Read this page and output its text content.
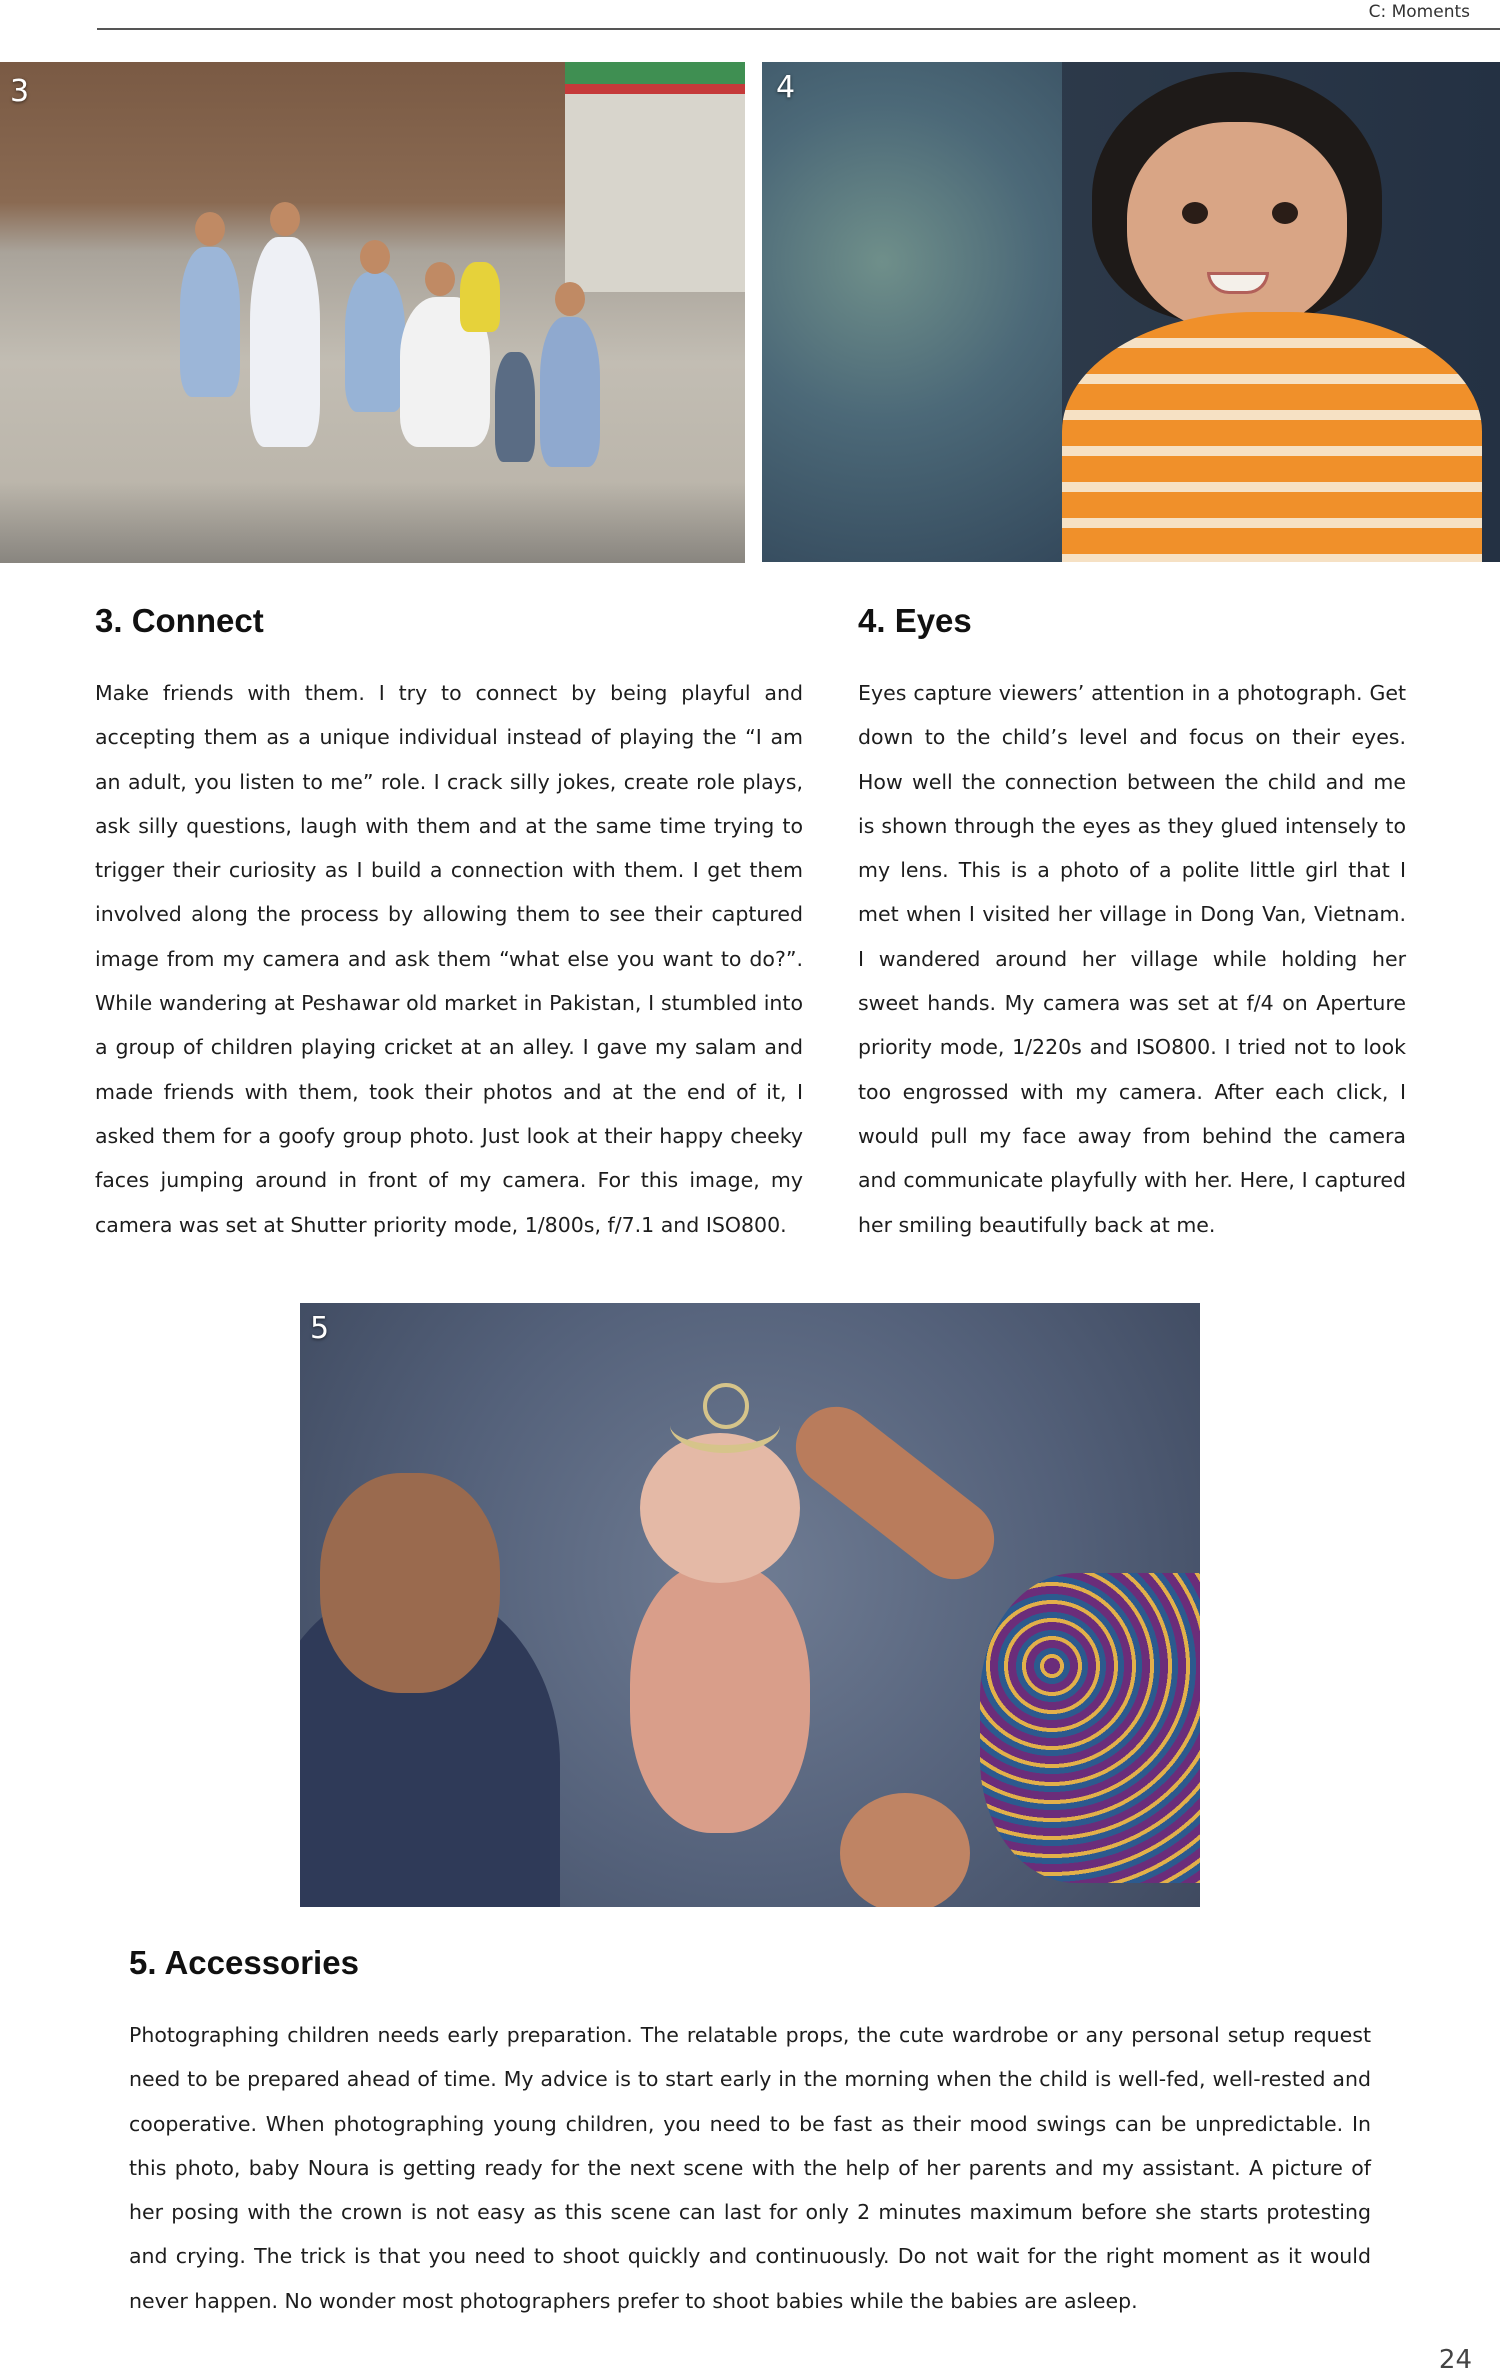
C: Moments
3	4
3. Connect

Make friends with them. I try to connect by being playful and accepting them as a unique individual instead of playing the “I am an adult, you listen to me” role. I crack silly jokes, create role plays, ask silly questions, laugh with them and at the same time trying to trigger their curiosity as I build a connection with them. I get them involved along the process by allowing them to see their captured image from my camera and ask them “what else you want to do?”. While wandering at Peshawar old market in Pakistan, I stumbled into a group of children playing cricket at an alley. I gave my salam and made friends with them, took their photos and at the end of it, I asked them for a goofy group photo. Just look at their happy cheeky faces jumping around in front of my camera. For this image, my camera was set at Shutter priority mode, 1/800s, f/7.1 and ISO800.

4. Eyes

Eyes capture viewers’ attention in a photograph. Get down to the child’s level and focus on their eyes. How well the connection between the child and me is shown through the eyes as they glued intensely to my lens. This is a photo of a polite little girl that I met when I visited her village in Dong Van, Vietnam. I wandered around her village while holding her sweet hands. My camera was set at f/4 on Aperture priority mode, 1/220s and ISO800. I tried not to look too engrossed with my camera. After each click, I would pull my face away from behind the camera and communicate playfully with her. Here, I captured her smiling beautifully back at me.

5
5. Accessories

Photographing children needs early preparation. The relatable props, the cute wardrobe or any personal setup request need to be prepared ahead of time. My advice is to start early in the morning when the child is well-fed, well-rested and cooperative. When photographing young children, you need to be fast as their mood swings can be unpredictable. In this photo, baby Noura is getting ready for the next scene with the help of her parents and my assistant. A picture of her posing with the crown is not easy as this scene can last for only 2 minutes maximum before she starts protesting and crying. The trick is that you need to shoot quickly and continuously. Do not wait for the right moment as it would never happen. No wonder most photographers prefer to shoot babies while the babies are asleep.

24
